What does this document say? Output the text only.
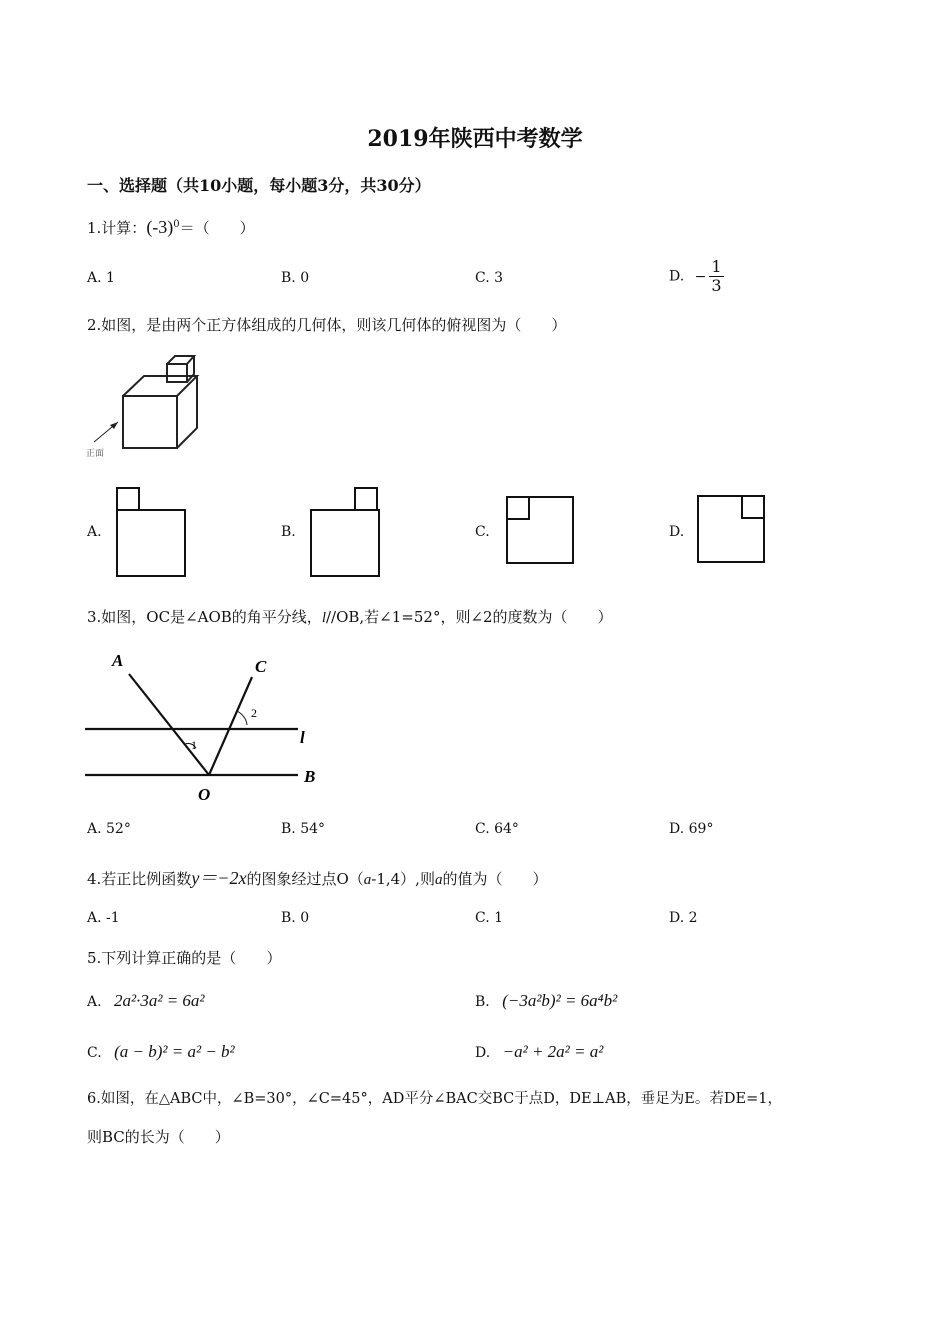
2019年陕西中考数学
一、选择题（共10小题，每小题3分，共30分）
1.计算：$(-3)^0=$（　　）
A. 1	B. 0	C. 3	D. − $\frac{1}{3}$
2.如图，是由两个正方体组成的几何体，则该几何体的俯视图为（　　）
正面
A.	B.	C.	D.
3.如图，OC是∠AOB的角平分线，l//OB,若∠1=52°，则∠2的度数为（　　）
A	C
O
B
l
1
2
A. 52°	B. 54°	C. 64°	D. 69°
4.若正比例函数y＝−2x的图象经过点O（a-1,4）,则a的值为（　　）
A. -1	B. 0	C. 1	D. 2
5.下列计算正确的是（　　）
A. 2a²·3a² = 6a²	B. (−3a²b)² = 6a⁴b²
C. (a − b)² = a² − b²	D. −a² + 2a² = a²
6.如图，在△ABC中，∠B=30°，∠C=45°，AD平分∠BAC交BC于点D，DE⊥AB，垂足为E。若DE=1，
则BC的长为（　　）
